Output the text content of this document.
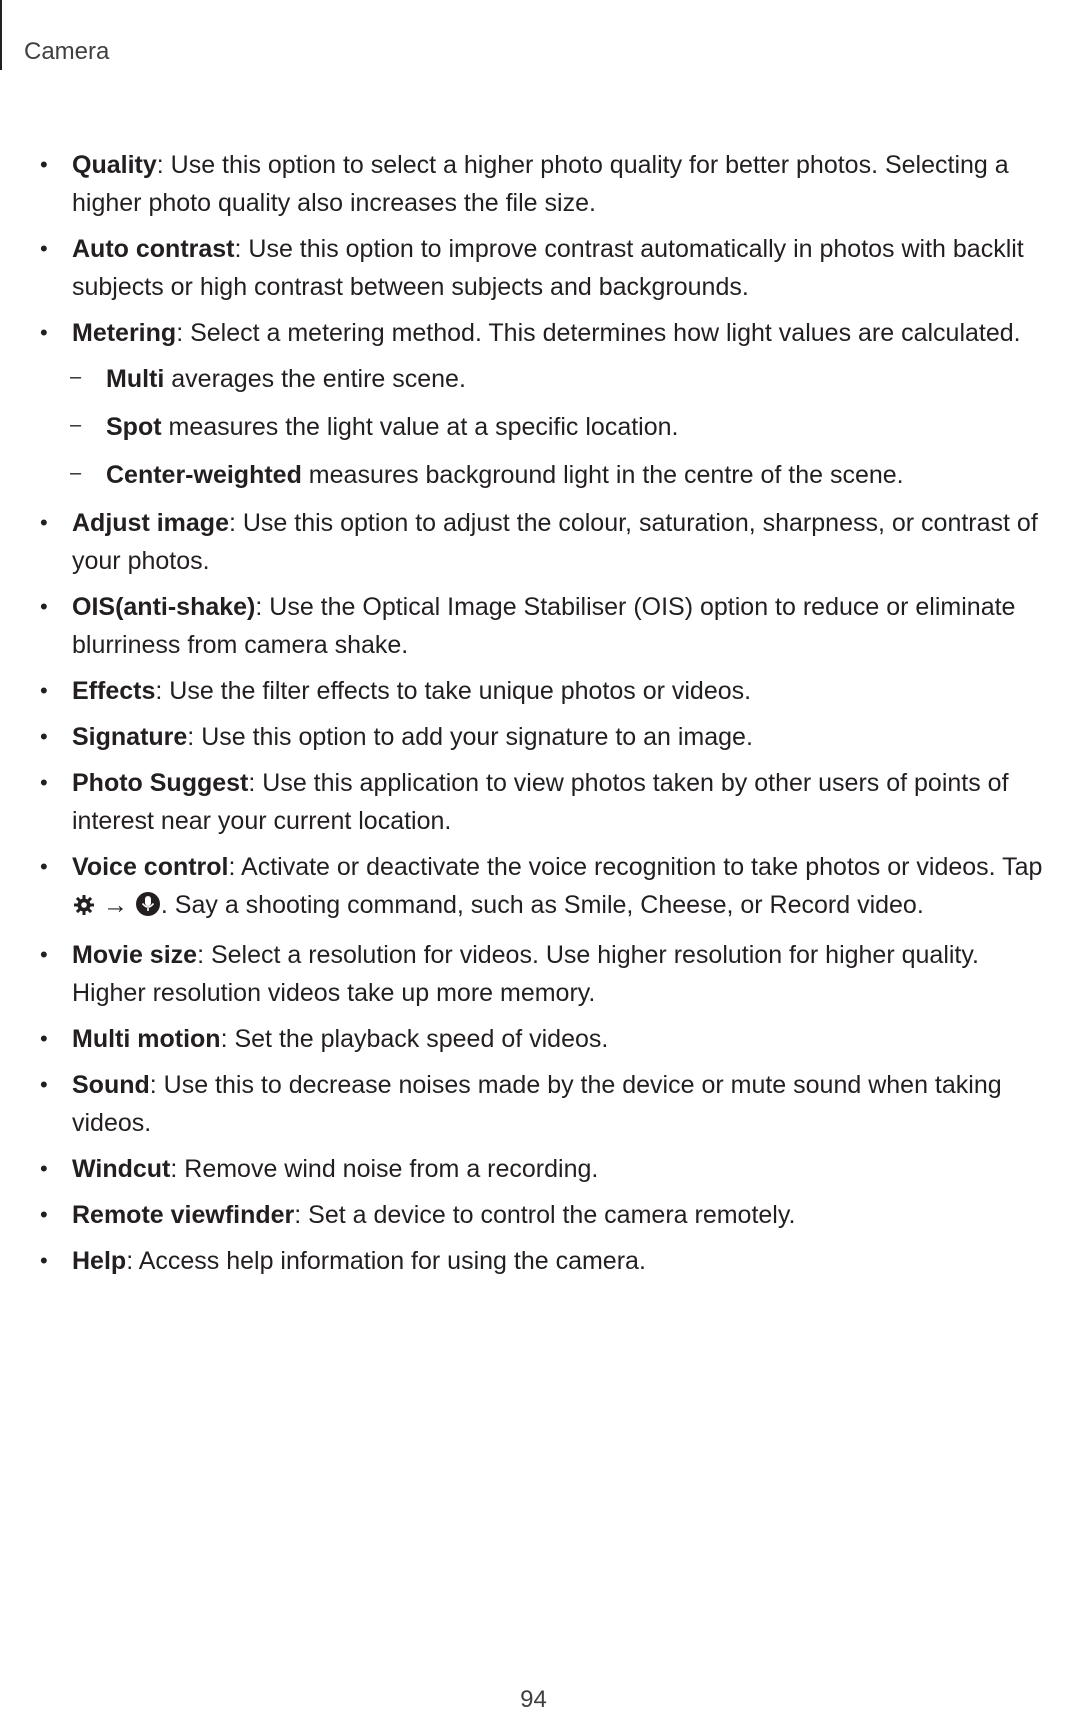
Camera
• Quality: Use this option to select a higher photo quality for better photos. Selecting a higher photo quality also increases the file size.
• Auto contrast: Use this option to improve contrast automatically in photos with backlit subjects or high contrast between subjects and backgrounds.
• Metering: Select a metering method. This determines how light values are calculated.
– Multi averages the entire scene.
– Spot measures the light value at a specific location.
– Center-weighted measures background light in the centre of the scene.
• Adjust image: Use this option to adjust the colour, saturation, sharpness, or contrast of your photos.
• OIS(anti-shake): Use the Optical Image Stabiliser (OIS) option to reduce or eliminate blurriness from camera shake.
• Effects: Use the filter effects to take unique photos or videos.
• Signature: Use this option to add your signature to an image.
• Photo Suggest: Use this application to view photos taken by other users of points of interest near your current location.
• Voice control: Activate or deactivate the voice recognition to take photos or videos. Tap  → . Say a shooting command, such as Smile, Cheese, or Record video.
• Movie size: Select a resolution for videos. Use higher resolution for higher quality. Higher resolution videos take up more memory.
• Multi motion: Set the playback speed of videos.
• Sound: Use this to decrease noises made by the device or mute sound when taking videos.
• Windcut: Remove wind noise from a recording.
• Remote viewfinder: Set a device to control the camera remotely.
• Help: Access help information for using the camera.
94
